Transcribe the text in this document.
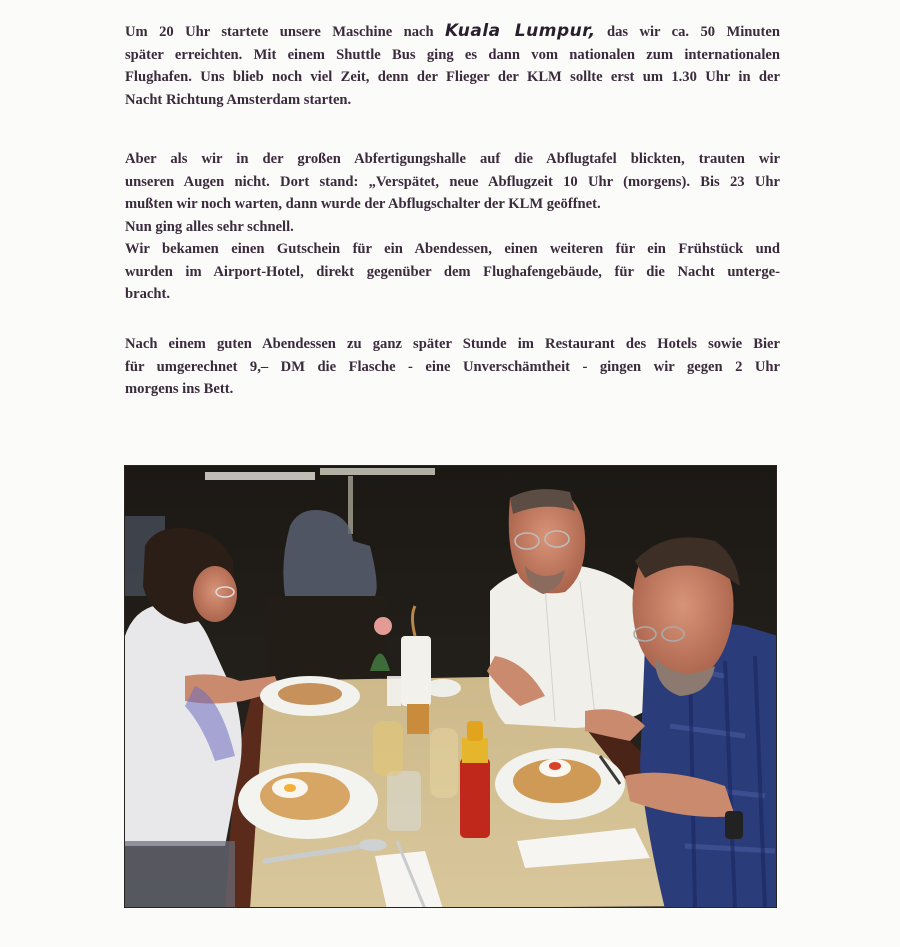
Um 20 Uhr startete unsere Maschine nach Kuala Lumpur, das wir ca. 50 Minuten
später erreichten. Mit einem Shuttle Bus ging es dann vom nationalen zum internationalen
Flughafen. Uns blieb noch viel Zeit, denn der Flieger der KLM sollte erst um 1.30 Uhr in der
Nacht Richtung Amsterdam starten.

Aber als wir in der großen Abfertigungshalle auf die Abflugtafel blickten, trauten wir
unseren Augen nicht. Dort stand: „Verspätet, neue Abflugzeit 10 Uhr (morgens). Bis 23 Uhr
mußten wir noch warten, dann wurde der Abflugschalter der KLM geöffnet.
Nun ging alles sehr schnell.
Wir bekamen einen Gutschein für ein Abendessen, einen weiteren für ein Frühstück und
wurden im Airport-Hotel, direkt gegenüber dem Flughafengebäude, für die Nacht unterge-
bracht.

Nach einem guten Abendessen zu ganz später Stunde im Restaurant des Hotels sowie Bier
für umgerechnet 9,– DM die Flasche - eine Unverschämtheit - gingen wir gegen 2 Uhr
morgens ins Bett.
